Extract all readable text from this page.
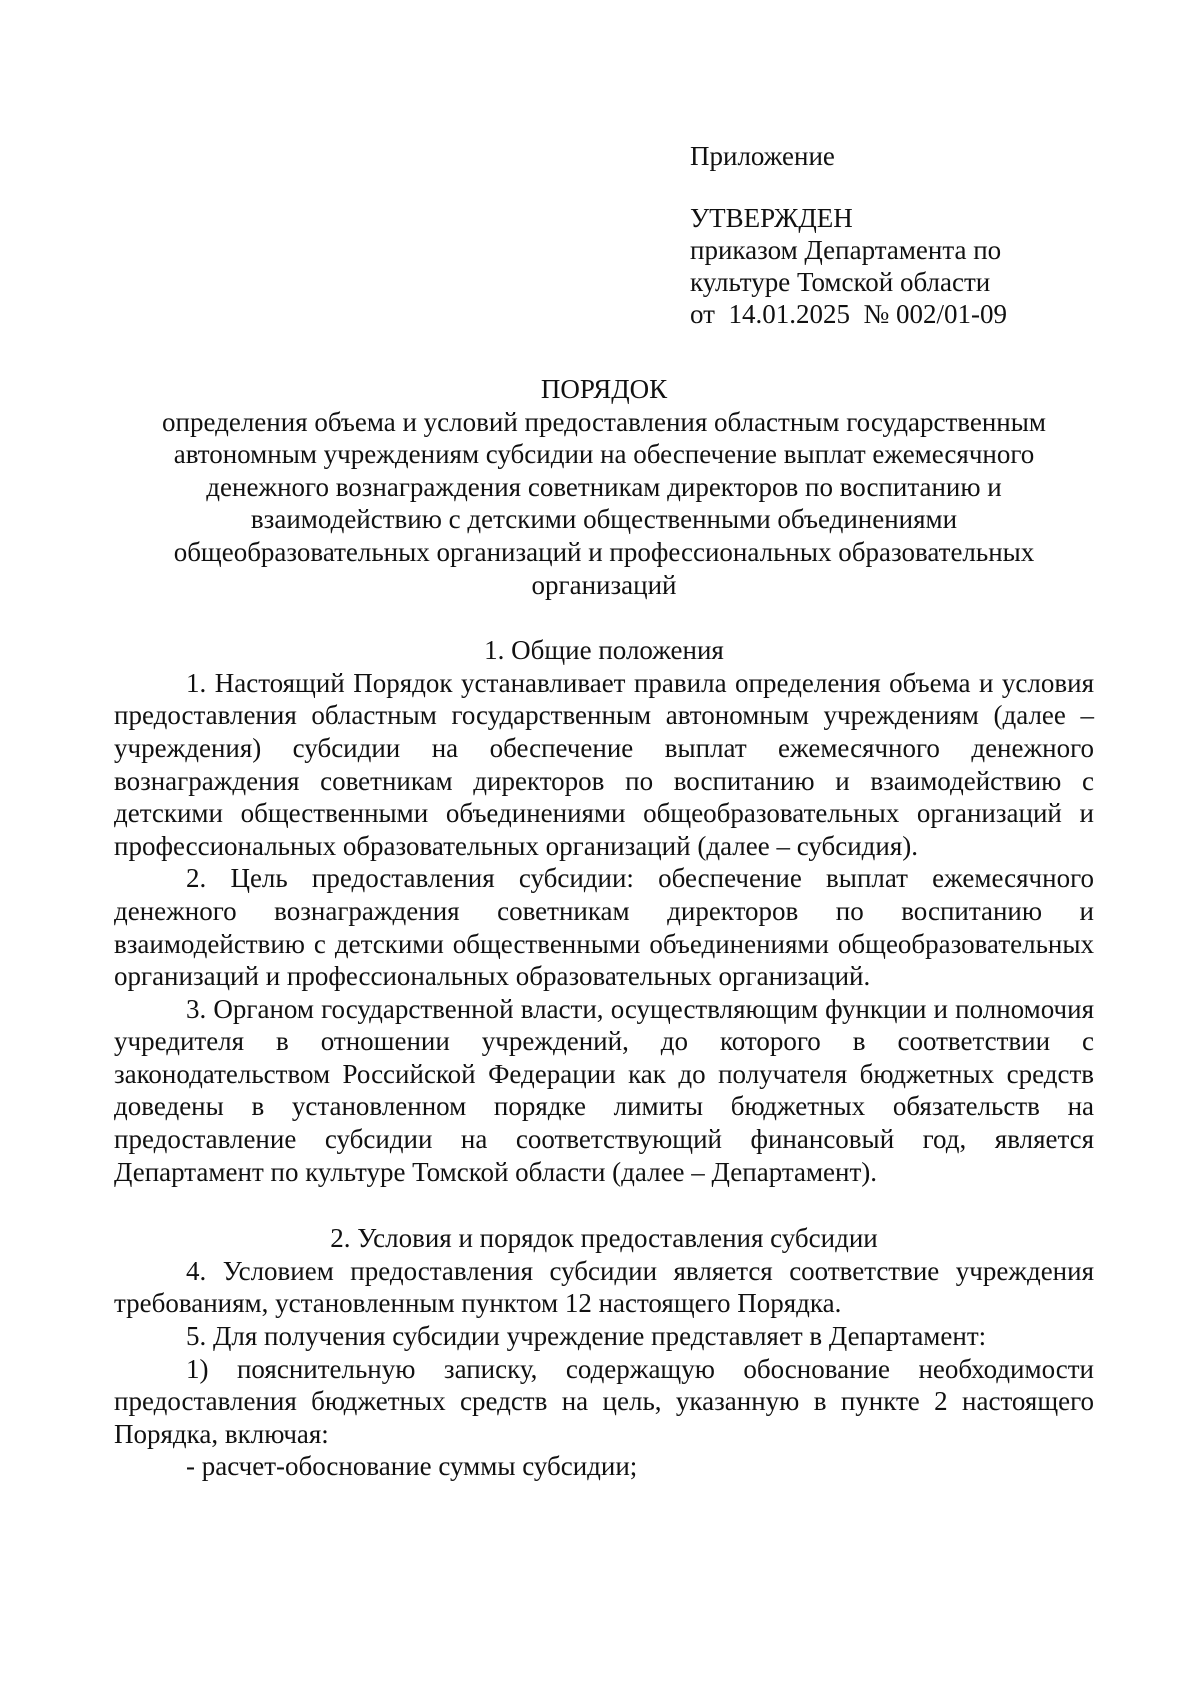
Приложение
УТВЕРЖДЕН
приказом Департамента по
культуре Томской области
от  14.01.2025  № 002/01-09

ПОРЯДОК

определения объема и условий предоставления областным государственным

автономным учреждениям субсидии на обеспечение выплат ежемесячного

денежного вознаграждения советникам директоров по воспитанию и

взаимодействию с детскими общественными объединениями

общеобразовательных организаций и профессиональных образовательных

организаций

1. Общие положения

1. Настоящий Порядок устанавливает правила определения объема и условия предоставления областным государственным автономным учреждениям (далее – учреждения) субсидии на обеспечение выплат ежемесячного денежного вознаграждения советникам директоров по воспитанию и взаимодействию с детскими общественными объединениями общеобразовательных организаций и профессиональных образовательных организаций (далее – субсидия).

2. Цель предоставления субсидии: обеспечение выплат ежемесячного денежного вознаграждения советникам директоров по воспитанию и взаимодействию с детскими общественными объединениями общеобразовательных организаций и профессиональных образовательных организаций.

3. Органом государственной власти, осуществляющим функции и полномочия учредителя в отношении учреждений, до которого в соответствии с законодательством Российской Федерации как до получателя бюджетных средств доведены в установленном порядке лимиты бюджетных обязательств на предоставление субсидии на соответствующий финансовый год, является Департамент по культуре Томской области (далее – Департамент).

2. Условия и порядок предоставления субсидии

4. Условием предоставления субсидии является соответствие учреждения требованиям, установленным пунктом 12 настоящего Порядка.

5. Для получения субсидии учреждение представляет в Департамент:

1) пояснительную записку, содержащую обоснование необходимости предоставления бюджетных средств на цель, указанную в пункте 2 настоящего Порядка, включая:

- расчет-обоснование суммы субсидии;
